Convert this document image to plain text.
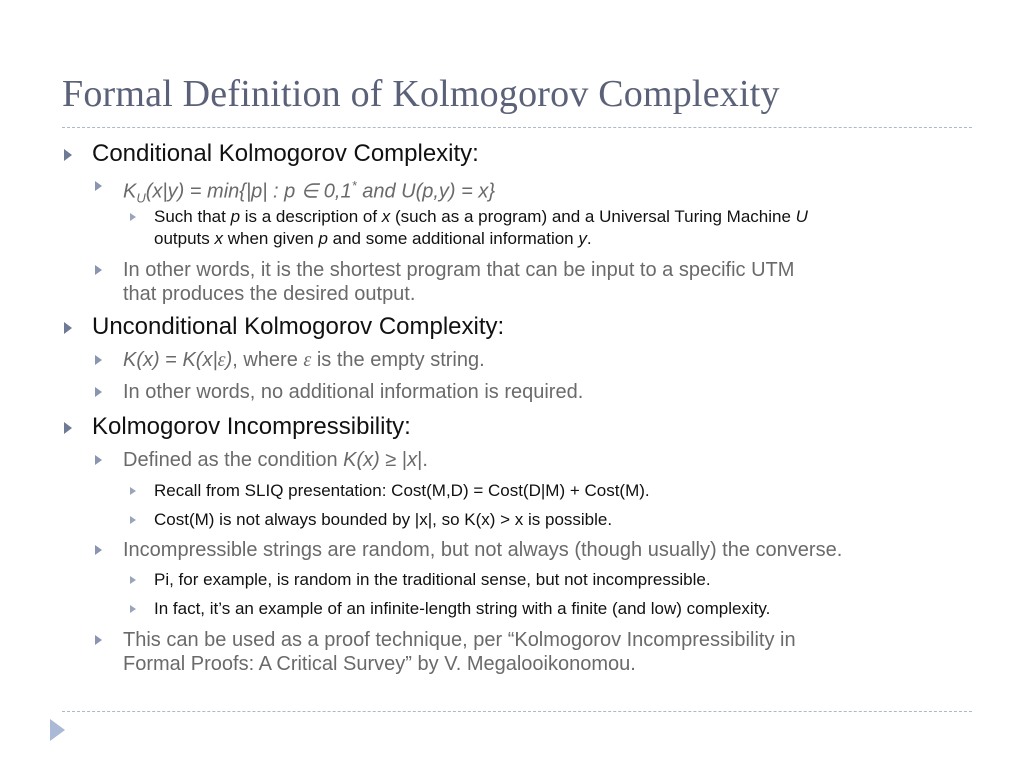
Formal Definition of Kolmogorov Complexity
Conditional Kolmogorov Complexity:
$K_U(x|y) = \min\{|p|$ : p ∈ 0,1* and U(p,y) = x}
Such that p is a description of x (such as a program) and a Universal Turing Machine U
outputs x when given p and some additional information y.
In other words, it is the shortest program that can be input to a specific UTM
that produces the desired output.
Unconditional Kolmogorov Complexity:
K(x) = K(x|ε), where ε is the empty string.
In other words, no additional information is required.
Kolmogorov Incompressibility:
Defined as the condition K(x) ≥ |x|.
Recall from SLIQ presentation: Cost(M,D) = Cost(D|M) + Cost(M).
Cost(M) is not always bounded by |x|, so K(x) > x is possible.
Incompressible strings are random, but not always (though usually) the converse.
Pi, for example, is random in the traditional sense, but not incompressible.
In fact, it’s an example of an infinite-length string with a finite (and low) complexity.
This can be used as a proof technique, per “Kolmogorov Incompressibility in
Formal Proofs: A Critical Survey” by V. Megalooikonomou.
